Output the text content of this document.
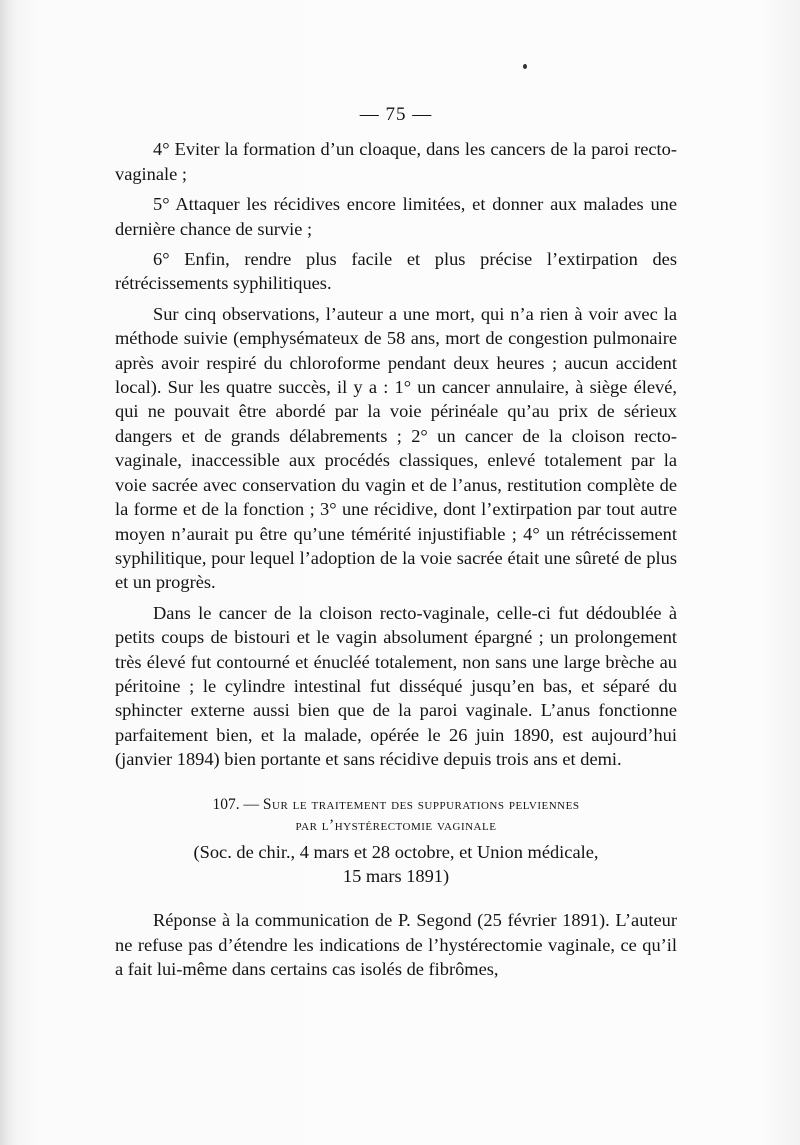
— 75 —

4° Eviter la formation d’un cloaque, dans les cancers de la paroi recto-vaginale ;

5° Attaquer les récidives encore limitées, et donner aux malades une dernière chance de survie ;

6° Enfin, rendre plus facile et plus précise l’extirpation des rétrécissements syphilitiques.

Sur cinq observations, l’auteur a une mort, qui n’a rien à voir avec la méthode suivie (emphysémateux de 58 ans, mort de congestion pulmonaire après avoir respiré du chloroforme pendant deux heures ; aucun accident local). Sur les quatre succès, il y a : 1° un cancer annulaire, à siège élevé, qui ne pouvait être abordé par la voie périnéale qu’au prix de sérieux dangers et de grands délabrements ; 2° un cancer de la cloison recto-vaginale, inaccessible aux procédés classiques, enlevé totalement par la voie sacrée avec conservation du vagin et de l’anus, restitution complète de la forme et de la fonction ; 3° une récidive, dont l’extirpation par tout autre moyen n’aurait pu être qu’une témérité injustifiable ; 4° un rétrécissement syphilitique, pour lequel l’adoption de la voie sacrée était une sûreté de plus et un progrès.

Dans le cancer de la cloison recto-vaginale, celle-ci fut dédoublée à petits coups de bistouri et le vagin absolument épargné ; un prolongement très élevé fut contourné et énucléé totalement, non sans une large brèche au péritoine ; le cylindre intestinal fut disséqué jusqu’en bas, et séparé du sphincter externe aussi bien que de la paroi vaginale. L’anus fonctionne parfaitement bien, et la malade, opérée le 26 juin 1890, est aujourd’hui (janvier 1894) bien portante et sans récidive depuis trois ans et demi.

107. — Sur le traitement des suppurations pelviennes
par l’hystérectomie vaginale

(Soc. de chir., 4 mars et 28 octobre, et Union médicale,
15 mars 1891)

Réponse à la communication de P. Segond (25 février 1891). L’auteur ne refuse pas d’étendre les indications de l’hystérectomie vaginale, ce qu’il a fait lui-même dans certains cas isolés de fibrômes,
